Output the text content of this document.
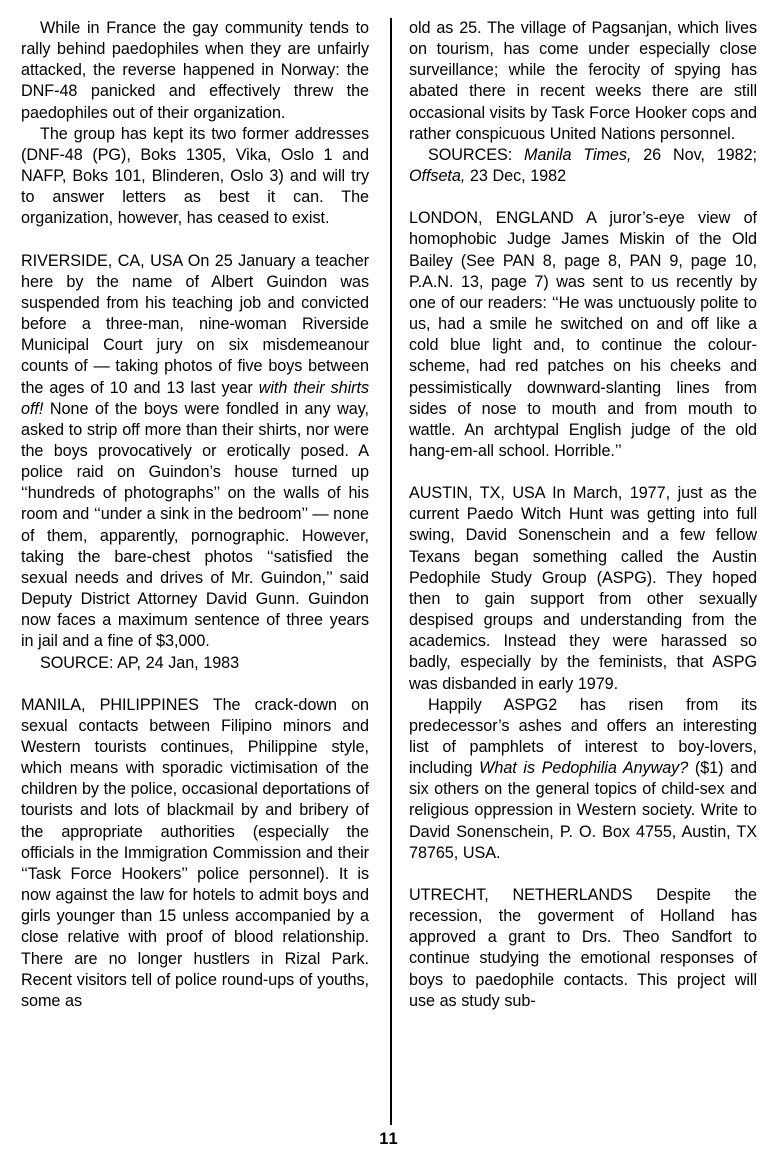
While in France the gay community tends to rally behind paedophiles when they are unfairly attacked, the reverse happened in Norway: the DNF-48 panicked and effectively threw the paedophiles out of their organization.

The group has kept its two former addresses (DNF-48 (PG), Boks 1305, Vika, Oslo 1 and NAFP, Boks 101, Blinderen, Oslo 3) and will try to answer letters as best it can. The organization, however, has ceased to exist.

RIVERSIDE, CA, USA On 25 January a teacher here by the name of Albert Guindon was suspended from his teaching job and convicted before a three-man, nine-woman Riverside Municipal Court jury on six misdemeanour counts of — taking photos of five boys between the ages of 10 and 13 last year with their shirts off! None of the boys were fondled in any way, asked to strip off more than their shirts, nor were the boys provocatively or erotically posed. A police raid on Guindon’s house turned up ‘‘hundreds of photographs’’ on the walls of his room and ‘‘under a sink in the bedroom’’ — none of them, apparently, pornographic. However, taking the bare-chest photos ‘‘satisfied the sexual needs and drives of Mr. Guindon,’’ said Deputy District Attorney David Gunn. Guindon now faces a maximum sentence of three years in jail and a fine of $3,000.

SOURCE: AP, 24 Jan, 1983

MANILA, PHILIPPINES The crack-down on sexual contacts between Filipino minors and Western tourists continues, Philippine style, which means with sporadic victimisation of the children by the police, occasional deportations of tourists and lots of blackmail by and bribery of the appropriate authorities (especially the officials in the Immigration Commission and their ‘‘Task Force Hookers’’ police personnel). It is now against the law for hotels to admit boys and girls younger than 15 unless accompanied by a close relative with proof of blood relationship. There are no longer hustlers in Rizal Park. Recent visitors tell of police round-ups of youths, some as

old as 25. The village of Pagsanjan, which lives on tourism, has come under especially close surveillance; while the ferocity of spying has abated there in recent weeks there are still occasional visits by Task Force Hooker cops and rather conspicuous United Nations personnel.

SOURCES: Manila Times, 26 Nov, 1982; Offseta, 23 Dec, 1982

LONDON, ENGLAND A juror’s-eye view of homophobic Judge James Miskin of the Old Bailey (See PAN 8, page 8, PAN 9, page 10, P.A.N. 13, page 7) was sent to us recently by one of our readers: ‘‘He was unctuously polite to us, had a smile he switched on and off like a cold blue light and, to continue the colour-scheme, had red patches on his cheeks and pessimistically downward-slanting lines from sides of nose to mouth and from mouth to wattle. An archtypal English judge of the old hang-em-all school. Horrible.’’

AUSTIN, TX, USA In March, 1977, just as the current Paedo Witch Hunt was getting into full swing, David Sonenschein and a few fellow Texans began something called the Austin Pedophile Study Group (ASPG). They hoped then to gain support from other sexually despised groups and understanding from the academics. Instead they were harassed so badly, especially by the feminists, that ASPG was disbanded in early 1979.

Happily ASPG2 has risen from its predecessor’s ashes and offers an interesting list of pamphlets of interest to boy-lovers, including What is Pedophilia Anyway? ($1) and six others on the general topics of child-sex and religious oppression in Western society. Write to David Sonenschein, P. O. Box 4755, Austin, TX 78765, USA.

UTRECHT, NETHERLANDS Despite the recession, the goverment of Holland has approved a grant to Drs. Theo Sandfort to continue studying the emotional responses of boys to paedophile contacts. This project will use as study sub-

11
